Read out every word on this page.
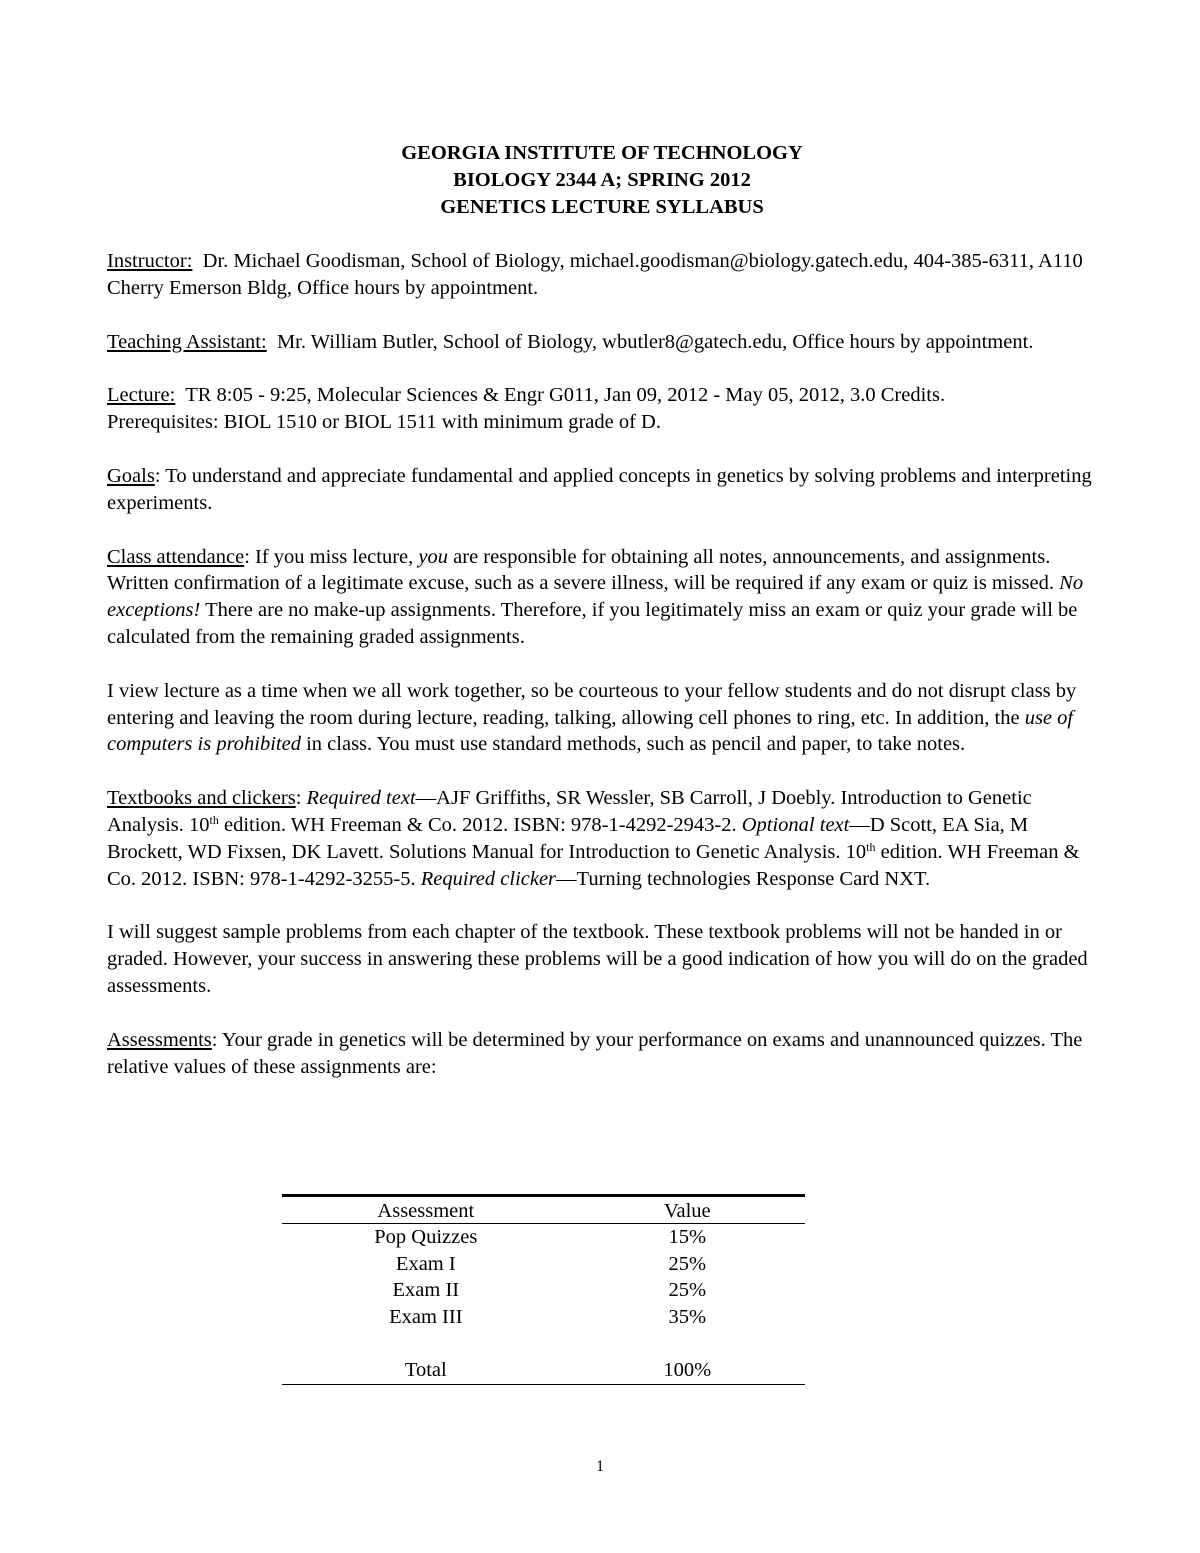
GEORGIA INSTITUTE OF TECHNOLOGY
BIOLOGY 2344 A; SPRING 2012
GENETICS LECTURE SYLLABUS

Instructor: Dr. Michael Goodisman, School of Biology, michael.goodisman@biology.gatech.edu, 404-385-6311, A110 Cherry Emerson Bldg, Office hours by appointment.

Teaching Assistant: Mr. William Butler, School of Biology, wbutler8@gatech.edu, Office hours by appointment.

Lecture: TR 8:05 - 9:25, Molecular Sciences & Engr G011, Jan 09, 2012 - May 05, 2012, 3.0 Credits.
Prerequisites: BIOL 1510 or BIOL 1511 with minimum grade of D.

Goals: To understand and appreciate fundamental and applied concepts in genetics by solving problems and interpreting experiments.

Class attendance: If you miss lecture, you are responsible for obtaining all notes, announcements, and assignments. Written confirmation of a legitimate excuse, such as a severe illness, will be required if any exam or quiz is missed. No exceptions! There are no make-up assignments. Therefore, if you legitimately miss an exam or quiz your grade will be calculated from the remaining graded assignments.

I view lecture as a time when we all work together, so be courteous to your fellow students and do not disrupt class by entering and leaving the room during lecture, reading, talking, allowing cell phones to ring, etc. In addition, the use of computers is prohibited in class. You must use standard methods, such as pencil and paper, to take notes.

Textbooks and clickers: Required text—AJF Griffiths, SR Wessler, SB Carroll, J Doebly. Introduction to Genetic Analysis. 10th edition. WH Freeman & Co. 2012. ISBN: 978-1-4292-2943-2. Optional text—D Scott, EA Sia, M Brockett, WD Fixsen, DK Lavett. Solutions Manual for Introduction to Genetic Analysis. 10th edition. WH Freeman & Co. 2012. ISBN: 978-1-4292-3255-5. Required clicker—Turning technologies Response Card NXT.

I will suggest sample problems from each chapter of the textbook. These textbook problems will not be handed in or graded. However, your success in answering these problems will be a good indication of how you will do on the graded assessments.

Assessments: Your grade in genetics will be determined by your performance on exams and unannounced quizzes. The relative values of these assignments are:

Assessment	Value
Pop Quizzes	15%
Exam I	25%
Exam II	25%
Exam III	35%

Total	100%
1
